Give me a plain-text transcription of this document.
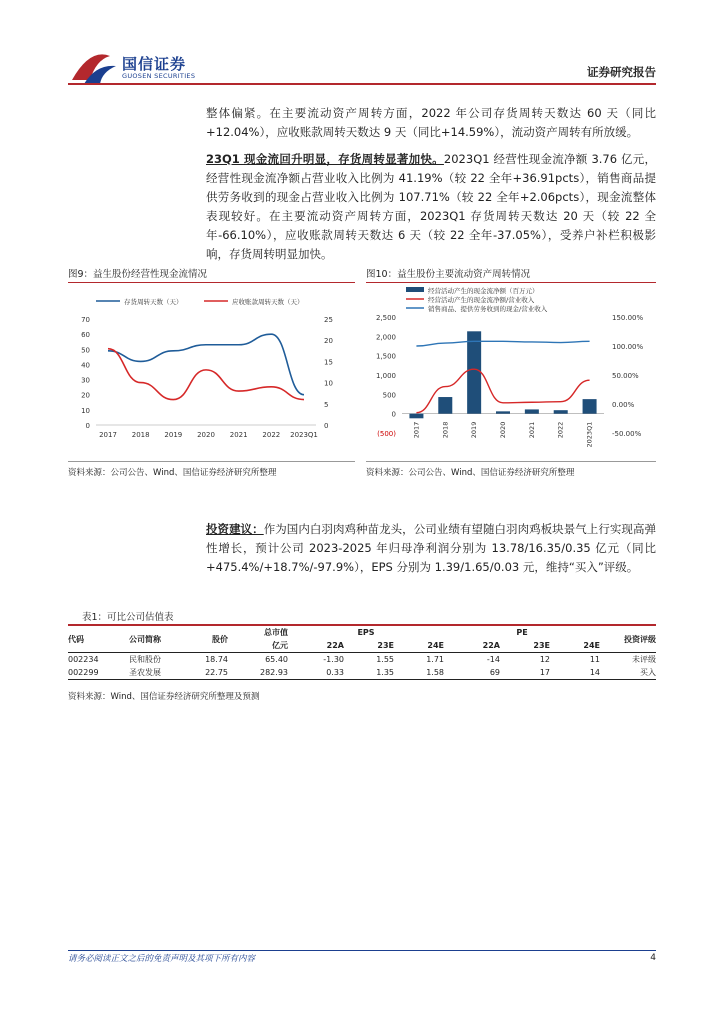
国信证券
GUOSEN SECURITIES	证券研究报告
整体偏紧。在主要流动资产周转方面，2022 年公司存货周转天数达 60 天（同比+12.04%），应收账款周转天数达 9 天（同比+14.59%），流动资产周转有所放缓。
23Q1 现金流回升明显，存货周转显著加快。2023Q1 经营性现金流净额 3.76 亿元，经营性现金流净额占营业收入比例为 41.19%（较 22 全年+36.91pcts），销售商品提供劳务收到的现金占营业收入比例为 107.71%（较 22 全年+2.06pcts），现金流整体表现较好。在主要流动资产周转方面，2023Q1 存货周转天数达 20 天（较 22 全年-66.10%），应收账款周转天数达 6 天（较 22 全年-37.05%），受养户补栏积极影响，存货周转明显加快。
图9：益生股份经营性现金流情况
存货周转天数（天）	应收账款周转天数（天）
0
10
20
30
40
50
60
70
0
5
10
15
20
25
2017 2018 2019 2020 2021 2022 2023Q1
资料来源：公司公告、Wind、国信证券经济研究所整理
图10：益生股份主要流动资产周转情况
经营活动产生的现金流净额（百万元）
经营活动产生的现金流净额/营业收入
销售商品、提供劳务收到的现金/营业收入
(500)
0
500
1,000
1,500
2,000
2,500
-50.00%
0.00%
50.00%
100.00%
150.00%
2017	2018	2019	2020	2021	2022	2023Q1
资料来源：公司公告、Wind、国信证券经济研究所整理
投资建议：作为国内白羽肉鸡种苗龙头，公司业绩有望随白羽肉鸡板块景气上行实现高弹性增长，预计公司 2023-2025 年归母净利润分别为 13.78/16.35/0.35 亿元（同比+475.4%/+18.7%/-97.9%），EPS 分别为 1.39/1.65/0.03 元，维持“买入”评级。
表1：可比公司估值表
代码	公司简称	股价	总市值	EPS			PE			投资评级
			亿元	22A	23E	24E	22A	23E	24E	
002234	民和股份	18.74	65.40	-1.30	1.55	1.71	-14	12	11	未评级
002299	圣农发展	22.75	282.93	0.33	1.35	1.58	69	17	14	买入
资料来源：Wind、国信证券经济研究所整理及预测
请务必阅读正文之后的免责声明及其项下所有内容	4
